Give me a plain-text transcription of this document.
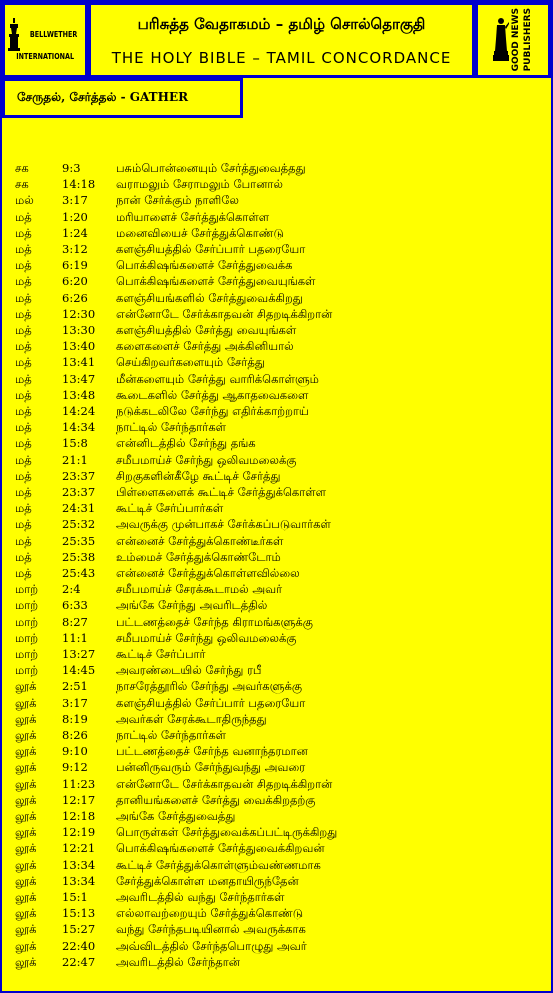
BELLWETHER
INTERNATIONAL
பரிசுத்த வேதாகமம் – தமிழ் சொல்தொகுதி
THE HOLY BIBLE – TAMIL CONCORDANCE	GOOD NEWS PUBLISHERS
சேருதல், சேர்த்தல் - GATHER
சக	9:3	பசும்பொன்னையும் சேர்த்துவைத்தது
சக	14:18 வராமலும் சேராமலும் போனால்
மல் 3:17 நான் சேர்க்கும் நாளிலே
மத்	1:20 மரியாளைச் சேர்த்துக்கொள்ள
மத்	1:24 மனைவியைச் சேர்த்துக்கொண்டு
மத்	3:12 களஞ்சியத்தில் சேர்ப்பார் பதரையோ
மத்	6:19 பொக்கிஷங்களைச் சேர்த்துவைக்க
மத்	6:20 பொக்கிஷங்களைச் சேர்த்துவையுங்கள்
மத்	6:26 களஞ்சியங்களில் சேர்த்துவைக்கிறது
மத்	12:30 என்னோடே சேர்க்காதவன் சிதறடிக்கிறான்
மத்	13:30 களஞ்சியத்தில் சேர்த்து வையுங்கள்
மத்	13:40 களைகளைச் சேர்த்து அக்கினியால்
மத்	13:41 செய்கிறவர்களையும் சேர்த்து
மத்	13:47 மீன்களையும் சேர்த்து வாரிக்கொள்ளும்
மத்	13:48 கூடைகளில் சேர்த்து ஆகாதவைகளை
மத்	14:24 நடுக்கடலிலே சேர்ந்து எதிர்க்காற்றாய்
மத்	14:34 நாட்டில் சேர்ந்தார்கள்
மத்	15:8 என்னிடத்தில் சேர்ந்து தங்க
மத்	21:1 சமீபமாய்ச் சேர்ந்து ஒலிவமலைக்கு
மத்	23:37 சிறகுகளின்கீழே கூட்டிச் சேர்த்து
மத்	23:37 பிள்ளைகளைக் கூட்டிச் சேர்த்துக்கொள்ள
மத்	24:31 கூட்டிச் சேர்ப்பார்கள்
மத்	25:32 அவருக்கு முன்பாகச் சேர்க்கப்படுவார்கள்
மத்	25:35 என்னைச் சேர்த்துக்கொண்டீர்கள்
மத்	25:38 உம்மைச் சேர்த்துக்கொண்டோம்
மத்	25:43 என்னைச் சேர்த்துக்கொள்ளவில்லை
மாற் 2:4	சமீபமாய்ச் சேரக்கூடாமல் அவர்
மாற் 6:33 அங்கே சேர்ந்து அவரிடத்தில்
மாற் 8:27 பட்டணத்தைச் சேர்ந்த கிராமங்களுக்கு
மாற் 11:1 சமீபமாய்ச் சேர்ந்து ஒலிவமலைக்கு
மாற் 13:27 கூட்டிச் சேர்ப்பார்
மாற் 14:45 அவரண்டையில் சேர்ந்து ரபீ
லூக் 2:51 நாசரேத்தூரில் சேர்ந்து அவர்களுக்கு
லூக் 3:17 களஞ்சியத்தில் சேர்ப்பார் பதரையோ
லூக் 8:19 அவர்கள் சேரக்கூடாதிருந்தது
லூக் 8:26 நாட்டில் சேர்ந்தார்கள்
லூக் 9:10 பட்டணத்தைச் சேர்ந்த வனாந்தரமான
லூக் 9:12 பன்னிருவரும் சேர்ந்துவந்து அவரை
லூக் 11:23 என்னோடே சேர்க்காதவன் சிதறடிக்கிறான்
லூக் 12:17 தானியங்களைச் சேர்த்து வைக்கிறதற்கு
லூக் 12:18 அங்கே சேர்த்துவைத்து
லூக் 12:19 பொருள்கள் சேர்த்துவைக்கப்பட்டிருக்கிறது
லூக் 12:21 பொக்கிஷங்களைச் சேர்த்துவைக்கிறவன்
லூக் 13:34 கூட்டிச் சேர்த்துக்கொள்ளும்வண்ணமாக
லூக் 13:34 சேர்த்துக்கொள்ள மனதாயிருந்தேன்
லூக் 15:1 அவரிடத்தில் வந்து சேர்ந்தார்கள்
லூக் 15:13 எல்லாவற்றையும் சேர்த்துக்கொண்டு
லூக் 15:27 வந்து சேர்ந்தபடியினால் அவருக்காக
லூக் 22:40 அவ்விடத்தில் சேர்ந்தபொழுது அவர்
லூக் 22:47 அவரிடத்தில் சேர்ந்தான்
